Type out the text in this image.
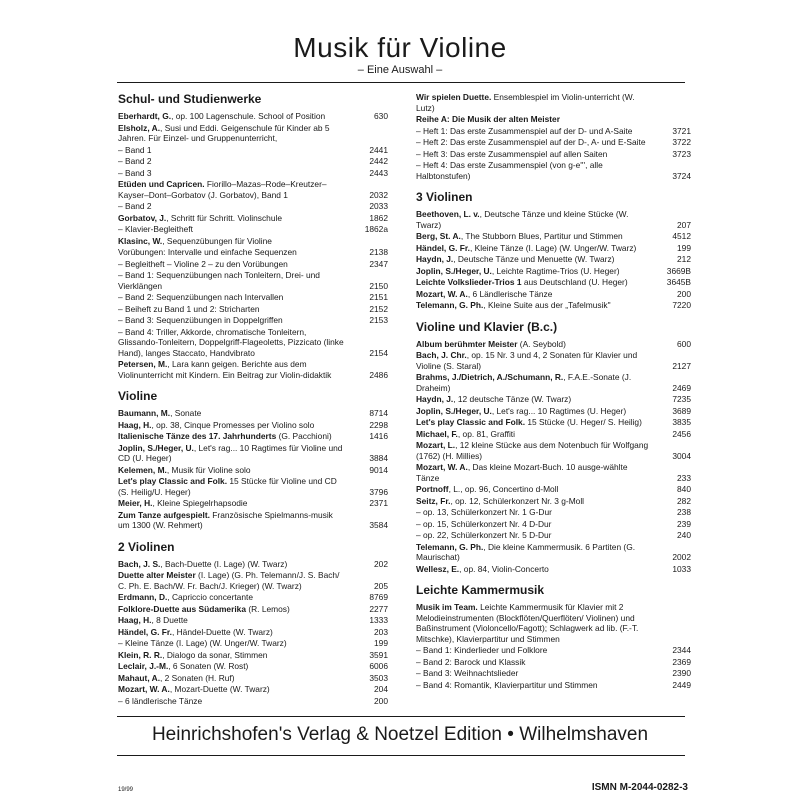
Musik für Violine
– Eine Auswahl –
Schul- und Studienwerke
Eberhardt, G., op. 100 Lagenschule. School of Position	630
Elsholz, A., Susi und Eddi. Geigenschule für Kinder ab 5 Jahren. Für Einzel- und Gruppenunterricht,
– Band 1	2441
– Band 2	2442
– Band 3	2443
Etüden und Capricen. Fiorillo–Mazas–Rode–Kreutzer–Kayser–Dont–Gorbatov (J. Gorbatov), Band 1	2032
– Band 2	2033
Gorbatov, J., Schritt für Schritt. Violinschule	1862
– Klavier-Begleitheft	1862a
Klasinc, W., Sequenzübungen für Violine
Vorübungen: Intervalle und einfache Sequenzen	2138
– Begleitheft – Violine 2 – zu den Vorübungen	2347
– Band 1: Sequenzübungen nach Tonleitern, Drei- und Vierklängen	2150
– Band 2: Sequenzübungen nach Intervallen	2151
– Beiheft zu Band 1 und 2: Stricharten	2152
– Band 3: Sequenzübungen in Doppelgriffen	2153
– Band 4: Triller, Akkorde, chromatische Tonleitern, Glissando-Tonleitern, Doppelgriff-Flageoletts, Pizzicato (linke Hand), langes Staccato, Handvibrato	2154
Petersen, M., Lara kann geigen. Berichte aus dem Violinunterricht mit Kindern. Ein Beitrag zur Violin-didaktik	2486
Violine
Baumann, M., Sonate	8714
Haag, H., op. 38, Cinque Promesses per Violino solo	2298
Italienische Tänze des 17. Jahrhunderts (G. Pacchioni)	1416
Joplin, S./Heger, U., Let's rag... 10 Ragtimes für Violine und CD (U. Heger)	3884
Kelemen, M., Musik für Violine solo	9014
Let's play Classic and Folk. 15 Stücke für Violine und CD (S. Heilig/U. Heger)	3796
Meier, H., Kleine Spiegelrhapsodie	2371
Zum Tanze aufgespielt. Französische Spielmanns-musik um 1300 (W. Rehmert)	3584
2 Violinen
Bach, J. S., Bach-Duette (I. Lage) (W. Twarz)	202
Duette alter Meister (I. Lage) (G. Ph. Telemann/J. S. Bach/ C. Ph. E. Bach/W. Fr. Bach/J. Krieger) (W. Twarz)	205
Erdmann, D., Capriccio concertante	8769
Folklore-Duette aus Südamerika (R. Lemos)	2277
Haag, H., 8 Duette	1333
Händel, G. Fr., Händel-Duette (W. Twarz)	203
– Kleine Tänze (I. Lage) (W. Unger/W. Twarz)	199
Klein, R. R., Dialogo da sonar, Stimmen	3591
Leclair, J.-M., 6 Sonaten (W. Rost)	6006
Mahaut, A., 2 Sonaten (H. Ruf)	3503
Mozart, W. A., Mozart-Duette (W. Twarz)	204
– 6 ländlerische Tänze	200
Wir spielen Duette. Ensemblespiel im Violin-unterricht (W. Lutz)
Reihe A: Die Musik der alten Meister
– Heft 1: Das erste Zusammenspiel auf der D- und A-Saite	3721
– Heft 2: Das erste Zusammenspiel auf der D-, A- und E-Saite	3722
– Heft 3: Das erste Zusammenspiel auf allen Saiten	3723
– Heft 4: Das erste Zusammenspiel (von g-e''', alle Halbtonstufen)	3724
3 Violinen
Beethoven, L. v., Deutsche Tänze und kleine Stücke (W. Twarz)	207
Berg, St. A., The Stubborn Blues, Partitur und Stimmen	4512
Händel, G. Fr., Kleine Tänze (I. Lage) (W. Unger/W. Twarz)	199
Haydn, J., Deutsche Tänze und Menuette (W. Twarz)	212
Joplin, S./Heger, U., Leichte Ragtime-Trios (U. Heger)	3669B
Leichte Volkslieder-Trios 1 aus Deutschland (U. Heger)	3645B
Mozart, W. A., 6 Ländlerische Tänze	200
Telemann, G. Ph., Kleine Suite aus der „Tafelmusik"	7220
Violine und Klavier (B.c.)
Album berühmter Meister (A. Seybold)	600
Bach, J. Chr., op. 15 Nr. 3 und 4, 2 Sonaten für Klavier und Violine (S. Staral)	2127
Brahms, J./Dietrich, A./Schumann, R., F.A.E.-Sonate (J. Draheim)	2469
Haydn, J., 12 deutsche Tänze (W. Twarz)	7235
Joplin, S./Heger, U., Let's rag... 10 Ragtimes (U. Heger)	3689
Let's play Classic and Folk. 15 Stücke (U. Heger/ S. Heilig)	3835
Michael, F., op. 81, Graffiti	2456
Mozart, L., 12 kleine Stücke aus dem Notenbuch für Wolfgang (1762) (H. Millies)	3004
Mozart, W. A., Das kleine Mozart-Buch. 10 ausge-wählte Tänze	233
Portnoff, L., op. 96, Concertino d-Moll	840
Seitz, Fr., op. 12, Schülerkonzert Nr. 3 g-Moll	282
– op. 13, Schülerkonzert Nr. 1 G-Dur	238
– op. 15, Schülerkonzert Nr. 4 D-Dur	239
– op. 22, Schülerkonzert Nr. 5 D-Dur	240
Telemann, G. Ph., Die kleine Kammermusik. 6 Partiten (G. Maurischat)	2002
Wellesz, E., op. 84, Violin-Concerto	1033
Leichte Kammermusik
Musik im Team. Leichte Kammermusik für Klavier mit 2 Melodieinstrumenten (Blockflöten/Querflöten/ Violinen) und Baßinstrument (Violoncello/Fagott); Schlagwerk ad lib. (F.-T. Mitschke), Klavierpartitur und Stimmen
– Band 1: Kinderlieder und Folklore	2344
– Band 2: Barock und Klassik	2369
– Band 3: Weihnachtslieder	2390
– Band 4: Romantik, Klavierpartitur und Stimmen	2449
Heinrichshofen's Verlag & Noetzel Edition • Wilhelmshaven
19/99	ISMN M-2044-0282-3
